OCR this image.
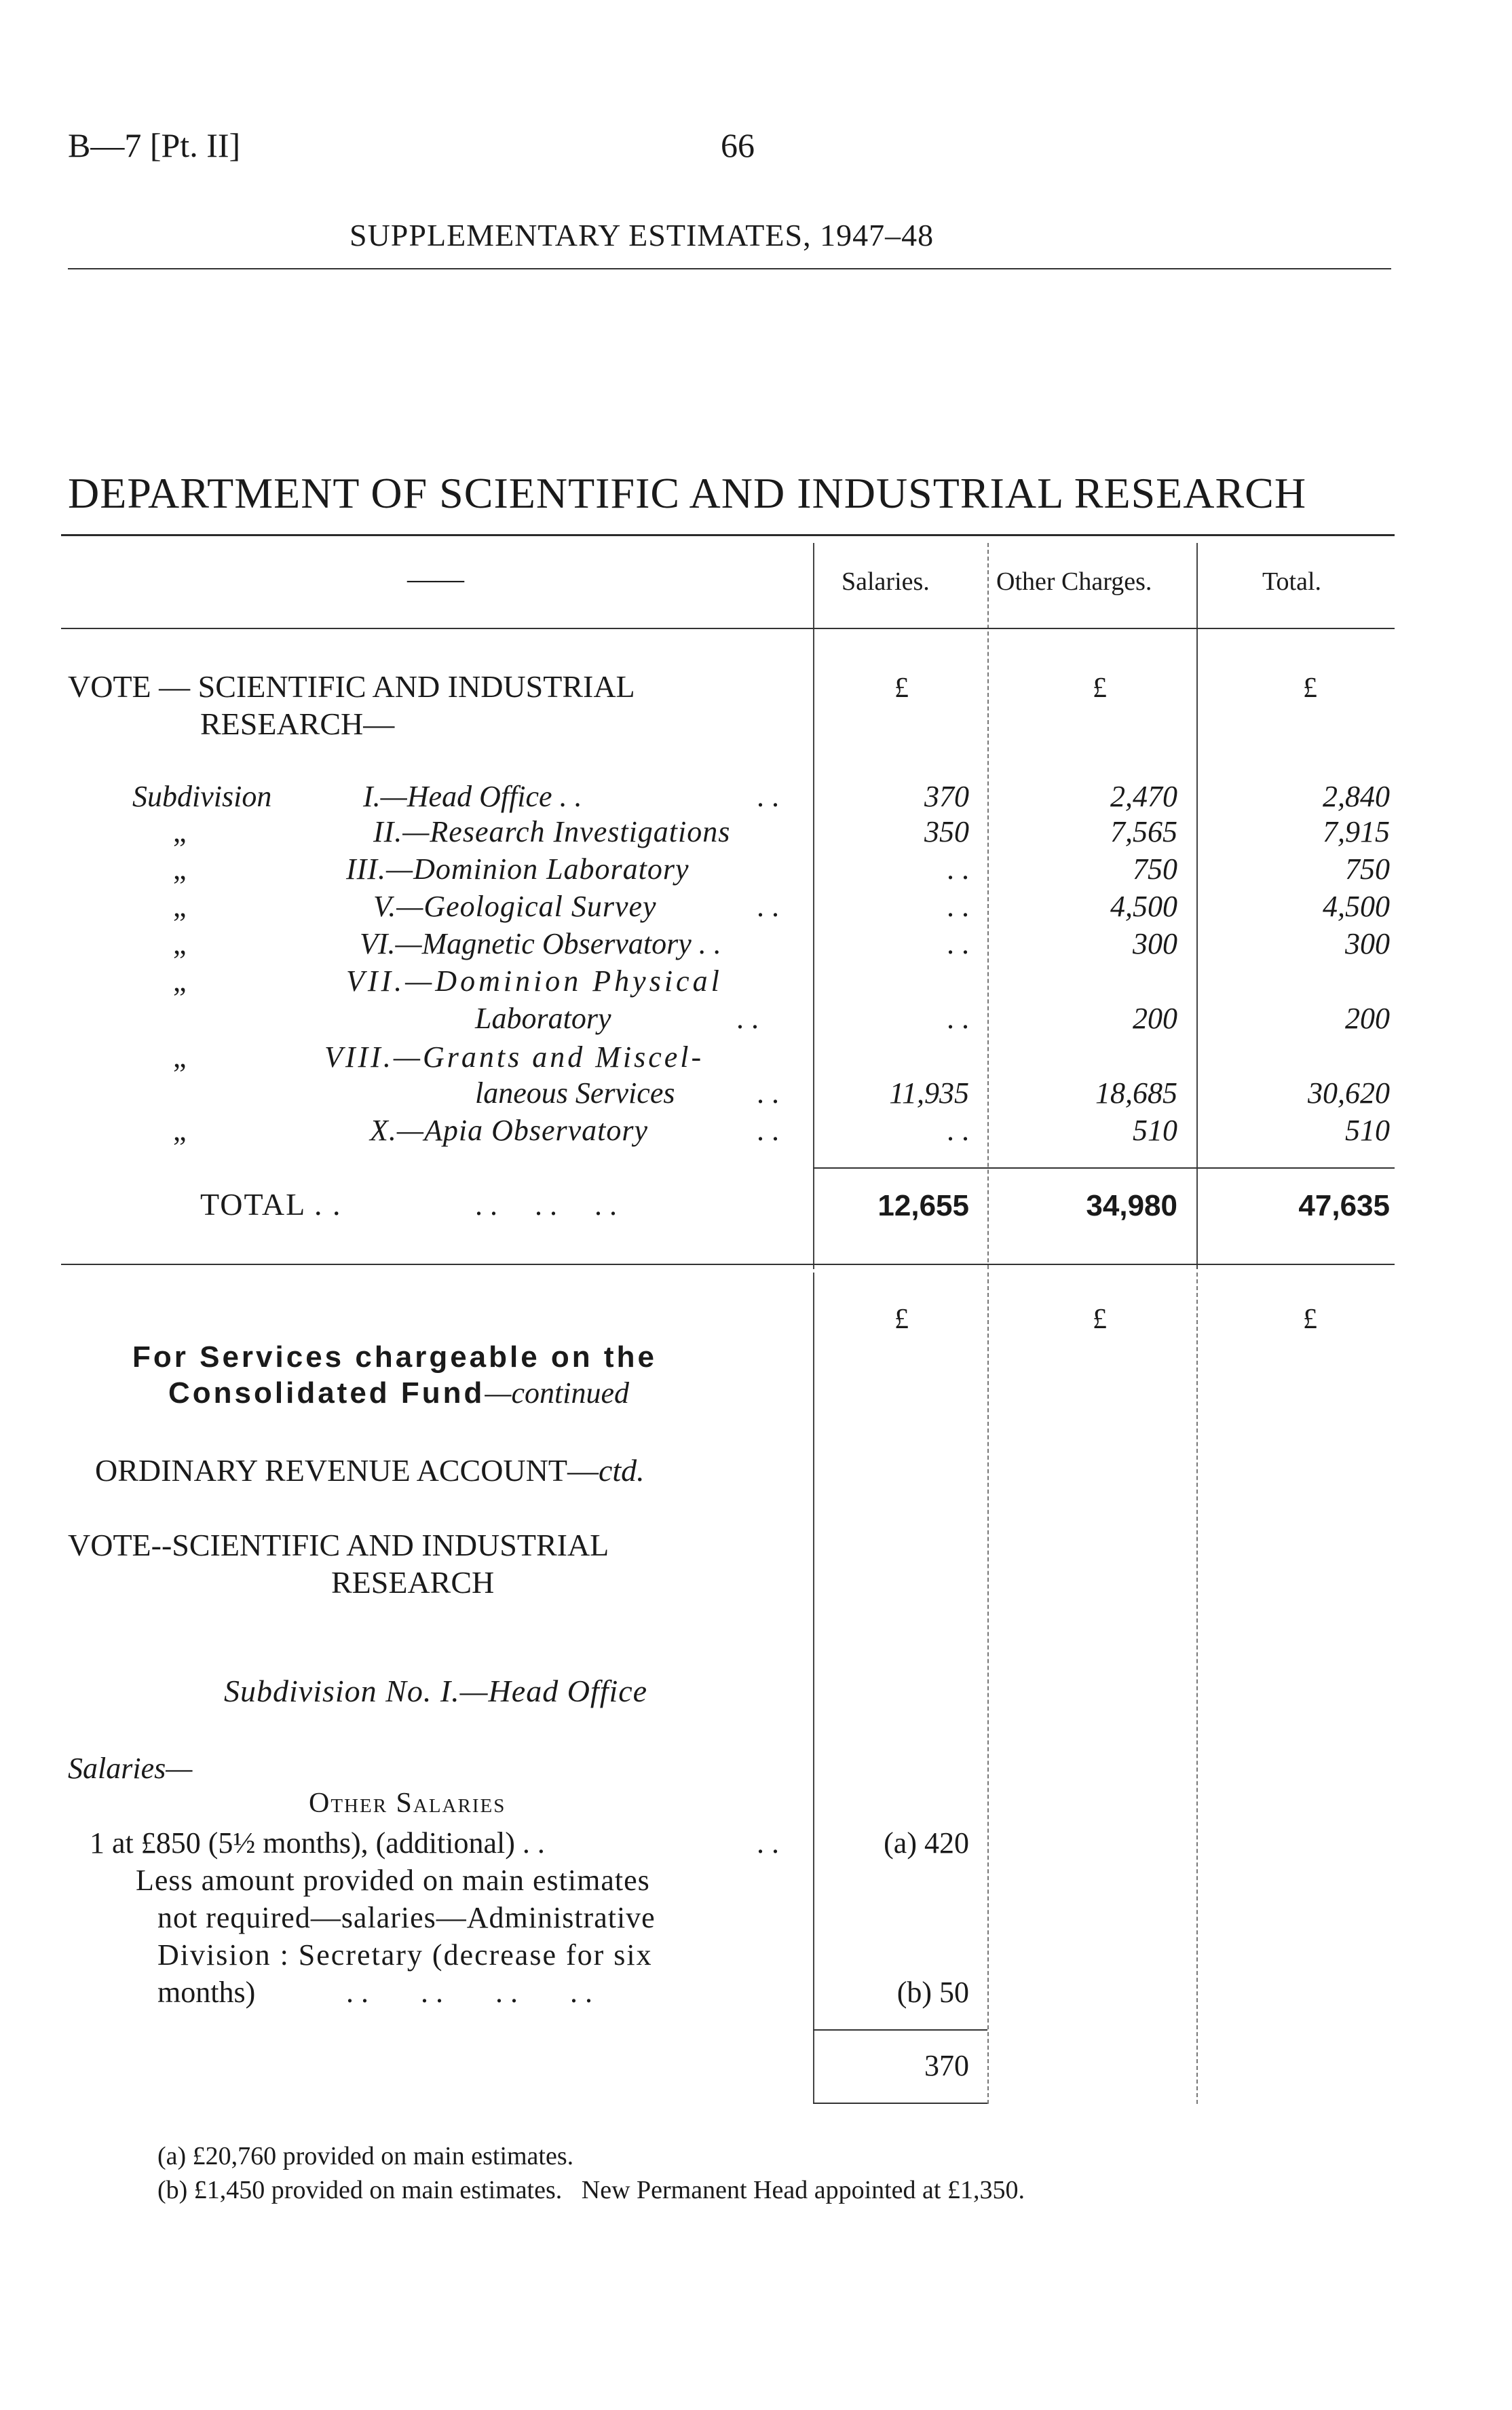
B—7 [Pt. II]	66
SUPPLEMENTARY ESTIMATES, 1947–48
DEPARTMENT OF SCIENTIFIC AND INDUSTRIAL RESEARCH
——	Salaries.	Other Charges.	Total.
VOTE — SCIENTIFIC AND INDUSTRIAL
RESEARCH—
£	£	£
Subdivision	I.—Head Office . .	. .	370	2,470	2,840
„	II.—Research Investigations	350	7,565	7,915
„	III.—Dominion Laboratory	. .	750	750
„	V.—Geological Survey	. .	. .	4,500	4,500
„	VI.—Magnetic Observatory . .	. .	300	300
„	VII.—Dominion Physical
Laboratory	. .	. .	200	200
„	VIII.—Grants and Miscel-
laneous Services	. .	11,935	18,685	30,620
„	X.—Apia Observatory	. .	. .	510	510
TOTAL . .	. .     . .     . .	12,655	34,980	47,635
£	£	£
For Services chargeable on the
Consolidated Fund—continued
ORDINARY REVENUE ACCOUNT—ctd.
VOTE--SCIENTIFIC AND INDUSTRIAL
RESEARCH
Subdivision No. I.—Head Office
Salaries—
Other Salaries
1 at £850 (5½ months), (additional) . .	. .	(a) 420
Less amount provided on main estimates
not required—salaries—Administrative
Division : Secretary (decrease for six
months)	. .       . .       . .       . .	(b) 50
370
(a) £20,760 provided on main estimates.
(b) £1,450 provided on main estimates.   New Permanent Head appointed at £1,350.
